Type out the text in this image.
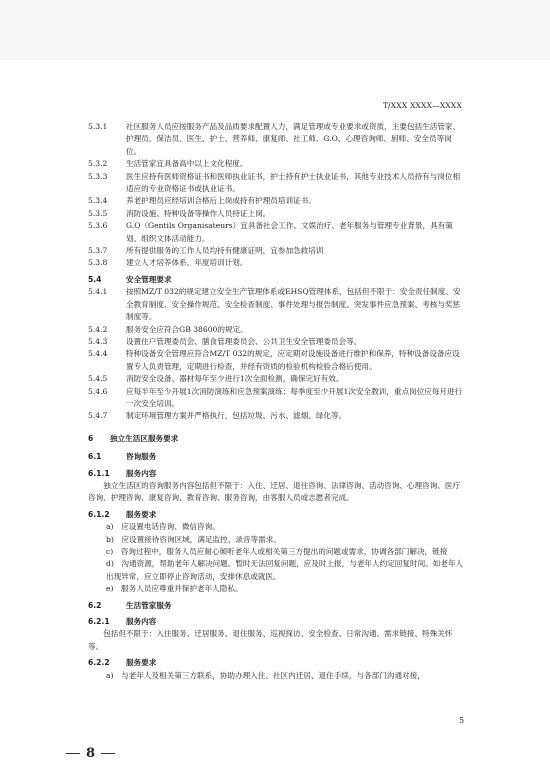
T/XXX XXXX—XXXX
5.3.1	社区服务人员应按服务产品及品质要求配置人力，满足管理或专业要求或资质，主要包括生活管家、护理员、保洁员、医生、护士、营养师、康复师、社工师、G.O、心理咨询师、厨师、安全员等岗位。
5.3.2	生活管家宜具备高中以上文化程度。
5.3.3	医生应持有医师资格证书和医师执业证书，护士持有护士执业证书，其他专业技术人员持有与岗位相适应的专业资格证书或执业证书。
5.3.4	养老护理员应经培训合格后上岗或持有护理员培训证书。
5.3.5	消防设施、特种设备等操作人员持证上岗。
5.3.6	G.O（Gentils Organisateurs）宜具备社会工作、文娱治疗、老年服务与管理专业背景，具有策划、组织文体活动能力。
5.3.7	所有提供服务的工作人员均持有健康证明，宜参加急救培训
5.3.8	建立人才培养体系，年度培训计划。
5.4	安全管理要求
5.4.1	按照MZ/T 032的规定建立安全生产管理体系或EHSQ管理体系，包括但不限于：安全责任制度、安全教育制度、安全操作规范、安全检查制度、事件处理与报告制度、突发事件应急预案、考核与奖惩制度等。
5.4.2	服务安全应符合GB 38600的规定。
5.4.3	设置住户管理委员会、膳食管理委员会、公共卫生安全管理委员会等。
5.4.4	特种设备安全管理应符合MZ/T 032的规定，应定期对设施设备进行维护和保养，特种设备设备应设置专人负责管理，定期进行检查，并经有资质的检验机构检验合格后使用。
5.4.5	消防安全设备、器材每年至少进行1次全面检测，确保完好有效。
5.4.6	应每半年至少开展1次消防演练和应急预案演练；每季度至少开展1次安全教训，重点岗位应每月进行一次安全培训。
5.4.7	制定环境管理方案并严格执行，包括垃圾、污水、滤烟、绿化等。
6	独立生活区服务要求
6.1	咨询服务
6.1.1	服务内容
独立生活区的咨询服务内容包括但不限于：入住、迁居、退住咨询、法律咨询、活动咨询、心理咨询、医疗咨询、护理咨询、康复咨询、教育咨询、服务咨询，由客服人员或志愿者完成。
6.1.2	服务要求
a)　应设置电话咨询、微信咨询。
b)　应设置接待咨询区域，满足监控、录音等需求。
c)　咨询过程中，服务人员应耐心倾听老年人或相关第三方提出的问题或需求，协调各部门解决，链接
d)　沟通资源，帮助老年人解决问题。暂时无法回复问题，应及时上报，与老年人约定回复时间。如老年人出现异常，应立即停止咨询活动，安排休息或就医。
e)　服务人员应尊重并保护老年人隐私。
6.2	生活管家服务
6.2.1	服务内容
包括但不限于：入住服务、迁居服务、退住服务、巡视探访、安全检查、日常沟通、需求链接、特殊关怀等。
6.2.2	服务要求
a)　与老年人及相关第三方联系，协助办理入住、社区内迁居、退住手续，与各部门沟通对接，
5
8
